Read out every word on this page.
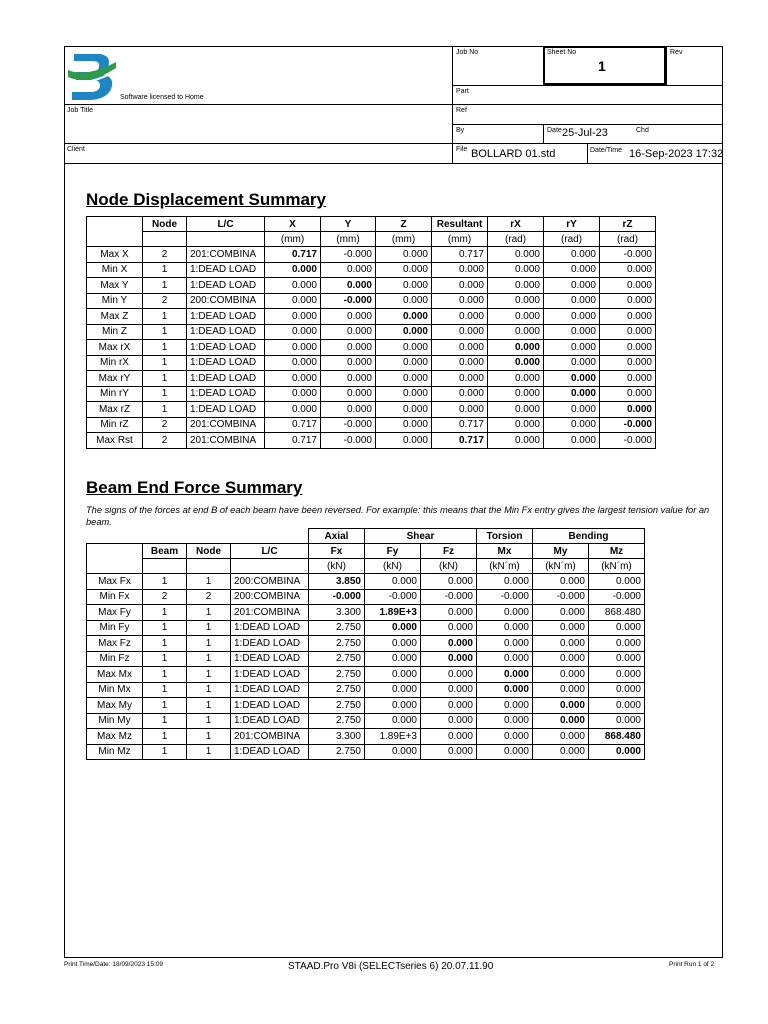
Software licensed to Home
Job No	Sheet No
1
Rev
Part
Job Title	Ref
By	Date 25-Jul-23	Chd
Client	File BOLLARD 01.std	Date/Time 16-Sep-2023 17:32
Node Displacement Summary
	Node	L/C	X	Y	Z	Resultant	rX	rY	rZ
			(mm)	(mm)	(mm)	(mm)	(rad)	(rad)	(rad)
Max X	2	201:COMBINA	0.717	-0.000	0.000	0.717	0.000	0.000	-0.000
Min X	1	1:DEAD LOAD	0.000	0.000	0.000	0.000	0.000	0.000	0.000
Max Y	1	1:DEAD LOAD	0.000	0.000	0.000	0.000	0.000	0.000	0.000
Min Y	2	200:COMBINA	0.000	-0.000	0.000	0.000	0.000	0.000	0.000
Max Z	1	1:DEAD LOAD	0.000	0.000	0.000	0.000	0.000	0.000	0.000
Min Z	1	1:DEAD LOAD	0.000	0.000	0.000	0.000	0.000	0.000	0.000
Max rX	1	1:DEAD LOAD	0.000	0.000	0.000	0.000	0.000	0.000	0.000
Min rX	1	1:DEAD LOAD	0.000	0.000	0.000	0.000	0.000	0.000	0.000
Max rY	1	1:DEAD LOAD	0.000	0.000	0.000	0.000	0.000	0.000	0.000
Min rY	1	1:DEAD LOAD	0.000	0.000	0.000	0.000	0.000	0.000	0.000
Max rZ	1	1:DEAD LOAD	0.000	0.000	0.000	0.000	0.000	0.000	0.000
Min rZ	2	201:COMBINA	0.717	-0.000	0.000	0.717	0.000	0.000	-0.000
Max Rst	2	201:COMBINA	0.717	-0.000	0.000	0.717	0.000	0.000	-0.000
Beam End Force Summary
The signs of the forces at end B of each beam have been reversed. For example: this means that the Min Fx entry gives the largest tension value for an beam.
				Axial	Shear		Torsion	Bending	
	Beam	Node	L/C	Fx	Fy	Fz	Mx	My	Mz
				(kN)	(kN)	(kN)	(kN´m)	(kN´m)	(kN´m)
Max Fx	1	1	200:COMBINA	3.850	0.000	0.000	0.000	0.000	0.000
Min Fx	2	2	200:COMBINA	-0.000	-0.000	-0.000	-0.000	-0.000	-0.000
Max Fy	1	1	201:COMBINA	3.300	1.89E+3	0.000	0.000	0.000	868.480
Min Fy	1	1	1:DEAD LOAD	2.750	0.000	0.000	0.000	0.000	0.000
Max Fz	1	1	1:DEAD LOAD	2.750	0.000	0.000	0.000	0.000	0.000
Min Fz	1	1	1:DEAD LOAD	2.750	0.000	0.000	0.000	0.000	0.000
Max Mx	1	1	1:DEAD LOAD	2.750	0.000	0.000	0.000	0.000	0.000
Min Mx	1	1	1:DEAD LOAD	2.750	0.000	0.000	0.000	0.000	0.000
Max My	1	1	1:DEAD LOAD	2.750	0.000	0.000	0.000	0.000	0.000
Min My	1	1	1:DEAD LOAD	2.750	0.000	0.000	0.000	0.000	0.000
Max Mz	1	1	201:COMBINA	3.300	1.89E+3	0.000	0.000	0.000	868.480
Min Mz	1	1	1:DEAD LOAD	2.750	0.000	0.000	0.000	0.000	0.000
Print Time/Date: 18/09/2023 15:09	STAAD.Pro V8i (SELECTseries 6) 20.07.11.90	Print Run 1 of 2
